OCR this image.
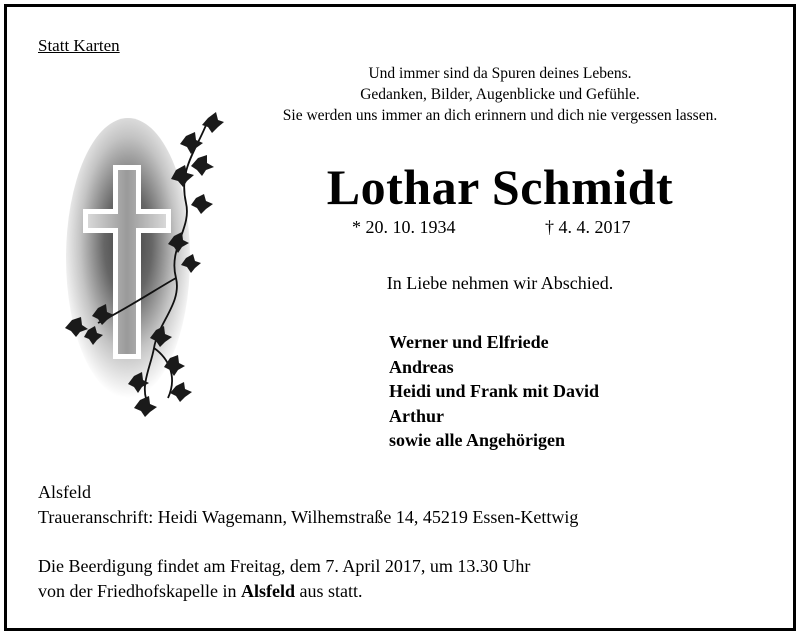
Statt Karten
Und immer sind da Spuren deines Lebens.
Gedanken, Bilder, Augenblicke und Gefühle.
Sie werden uns immer an dich erinnern und dich nie vergessen lassen.
Lothar Schmidt
* 20. 10. 1934	† 4. 4. 2017
In Liebe nehmen wir Abschied.
Werner und Elfriede
Andreas
Heidi und Frank mit David
Arthur
sowie alle Angehörigen
Alsfeld
Traueranschrift: Heidi Wagemann, Wilhemstraße 14, 45219 Essen-Kettwig
Die Beerdigung findet am Freitag, dem 7. April 2017, um 13.30 Uhr
von der Friedhofskapelle in Alsfeld aus statt.
